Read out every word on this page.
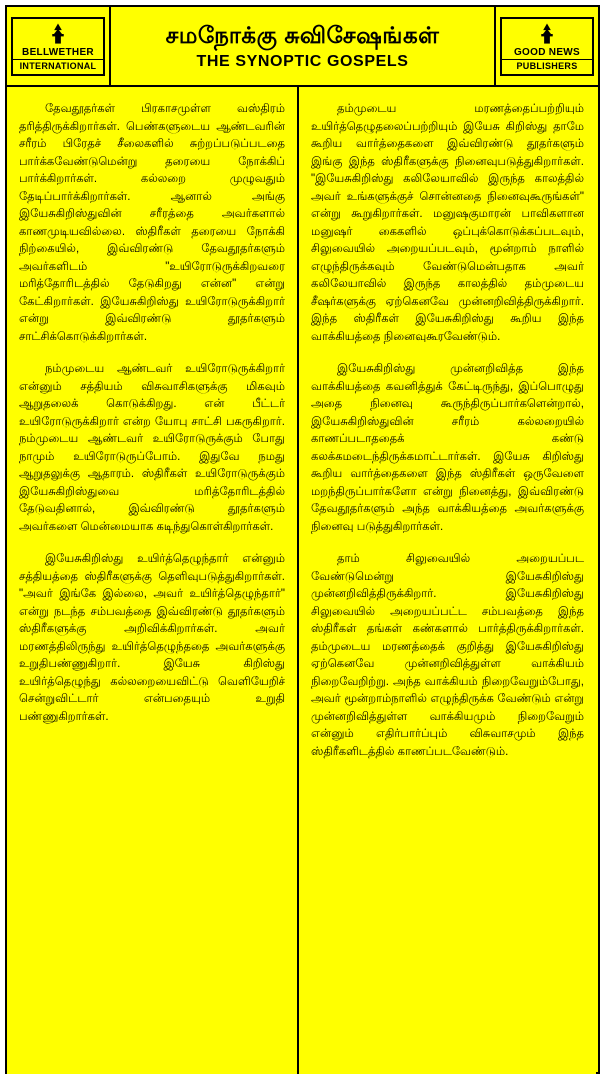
BELLWETHER
INTERNATIONAL
சமநோக்கு சுவிசேஷங்கள்
THE SYNOPTIC GOSPELS
GOOD NEWS
PUBLISHERS

தேவதூதர்கள் பிரகாசமுள்ள வஸ்திரம் தரித்திருக்கிறார்கள். பெண்களுடைய ஆண்டவரின் சரீரம் பிரேதச் சீலைகளில் சுற்றப்படுப்படதை பார்க்கவேண்டுமென்று தரையை நோக்கிப் பார்க்கிறார்கள். கல்லறை முழுவதும் தேடிப்பார்க்கிறார்கள். ஆனால் அங்கு இயேசுகிறிஸ்துவின் சரீரத்தை அவர்களால் காணமுடியவில்லை. ஸ்திரீகள் தரையை நோக்கி நிற்கையில், இவ்விரண்டு தேவதூதர்களும் அவர்களிடம் "உயிரோடுருக்கிறவரை மரித்தோரிடத்தில் தேடுகிறது என்ன" என்று கேட்கிறார்கள். இயேசுகிறிஸ்து உயிரோடுருக்கிறார் என்று இவ்விரண்டு தூதர்களும் சாட்சிக்கொடுக்கிறார்கள்.

நம்முடைய ஆண்டவர் உயிரோடுருக்கிறார் என்னும் சத்தியம் விசுவாசிகளுக்கு மிகவும் ஆறுதலைக் கொடுக்கிறது. என் பீட்டர் உயிரோடுருக்கிறார் என்ற யோபு சாட்சி பகருகிறார். நம்முடைய ஆண்டவர் உயிரோடுருக்கும் போது நாமும் உயிரோடுருப்போம். இதுவே நமது ஆறுதலுக்கு ஆதாரம். ஸ்திரீகள் உயிரோடுருக்கும் இயேசுகிறிஸ்துவை மரித்தோரிடத்தில் தேடுவதினால், இவ்விரண்டு தூதர்களும் அவர்களை மென்மையாக கடிந்துகொள்கிறார்கள்.

இயேசுகிறிஸ்து உயிர்த்தெழுந்தார் என்னும் சத்தியத்தை ஸ்திரீகளுக்கு தெளிவுபடுத்துகிறார்கள். "அவர் இங்கே இல்லை, அவர் உயிர்த்தெழுந்தார்" என்று நடந்த சம்பவத்தை இவ்விரண்டு தூதர்களும் ஸ்திரீகளுக்கு அறிவிக்கிறார்கள். அவர் மரணத்திலிருந்து உயிர்த்தெழுந்ததை அவர்களுக்கு உறுதிபண்ணுகிறார். இயேசு கிறிஸ்து உயிர்த்தெழுந்து கல்லறையைவிட்டு வெளியேறிச் சென்றுவிட்டார் என்பதையும் உறுதி பண்ணுகிறார்கள்.

தம்முடைய மரணத்தைப்பற்றியும் உயிர்த்தெழுதலைப்பற்றியும் இயேசு கிறிஸ்து தாமே கூறிய வார்த்தைகளை இவ்விரண்டு தூதர்களும் இங்கு இந்த ஸ்திரீகளுக்கு நினைவுபடுத்துகிறார்கள். "இயேசுகிறிஸ்து கலிலேயாவில் இருந்த காலத்தில் அவர் உங்களுக்குச் சொன்னதை நினைவுகூருங்கள்" என்று கூறுகிறார்கள். மனுஷகுமாரன் பாவிகளான மனுஷர் கைகளில் ஒப்புக்கொடுக்கப்படவும், சிலுவையில் அறையப்படவும், மூன்றாம் நாளில் எழுந்திருக்கவும் வேண்டுமென்பதாக அவர் கலிலேயாவில் இருந்த காலத்தில் தம்முடைய சீஷர்களுக்கு ஏற்கெனவே முன்னறிவித்திருக்கிறார். இந்த ஸ்திரீகள் இயேசுகிறிஸ்து கூறிய இந்த வாக்கியத்தை நினைவுகூரவேண்டும்.

இயேசுகிறிஸ்து முன்னறிவித்த இந்த வாக்கியத்தை கவனித்துக் கேட்டிருந்து, இப்பொழுது அதை நினைவு கூருந்திருப்பார்களென்றால், இயேசுகிறிஸ்துவின் சரீரம் கல்லறையில் காணப்படாததைக் கண்டு கலக்கமடைந்திருக்கமாட்டார்கள். இயேசு கிறிஸ்து கூறிய வார்த்தைகளை இந்த ஸ்திரீகள் ஒருவேளை மறந்திருப்பார்களோ என்று நினைத்து, இவ்விரண்டு தேவதூதர்களும் அந்த வாக்கியத்தை அவர்களுக்கு நினைவு படுத்துகிறார்கள்.

தாம் சிலுவையில் அறையப்பட வேண்டுமென்று இயேசுகிறிஸ்து முன்னறிவித்திருக்கிறார். இயேசுகிறிஸ்து சிலுவையில் அறையப்பட்ட சம்பவத்தை இந்த ஸ்திரீகள் தங்கள் கண்களால் பார்த்திருக்கிறார்கள். தம்முடைய மரணத்தைக் குறித்து இயேசுகிறிஸ்து ஏற்கெனவே முன்னறிவித்துள்ள வாக்கியம் நிறைவேறிற்று. அந்த வாக்கியம் நிறைவேறும்போது, அவர் மூன்றாம்நாளில் எழுந்திருக்க வேண்டும் என்று முன்னறிவித்துள்ள வாக்கியமும் நிறைவேறும் என்னும் எதிர்பார்ப்பும் விசுவாசமும் இந்த ஸ்திரீகளிடத்தில் காணப்படவேண்டும்.
